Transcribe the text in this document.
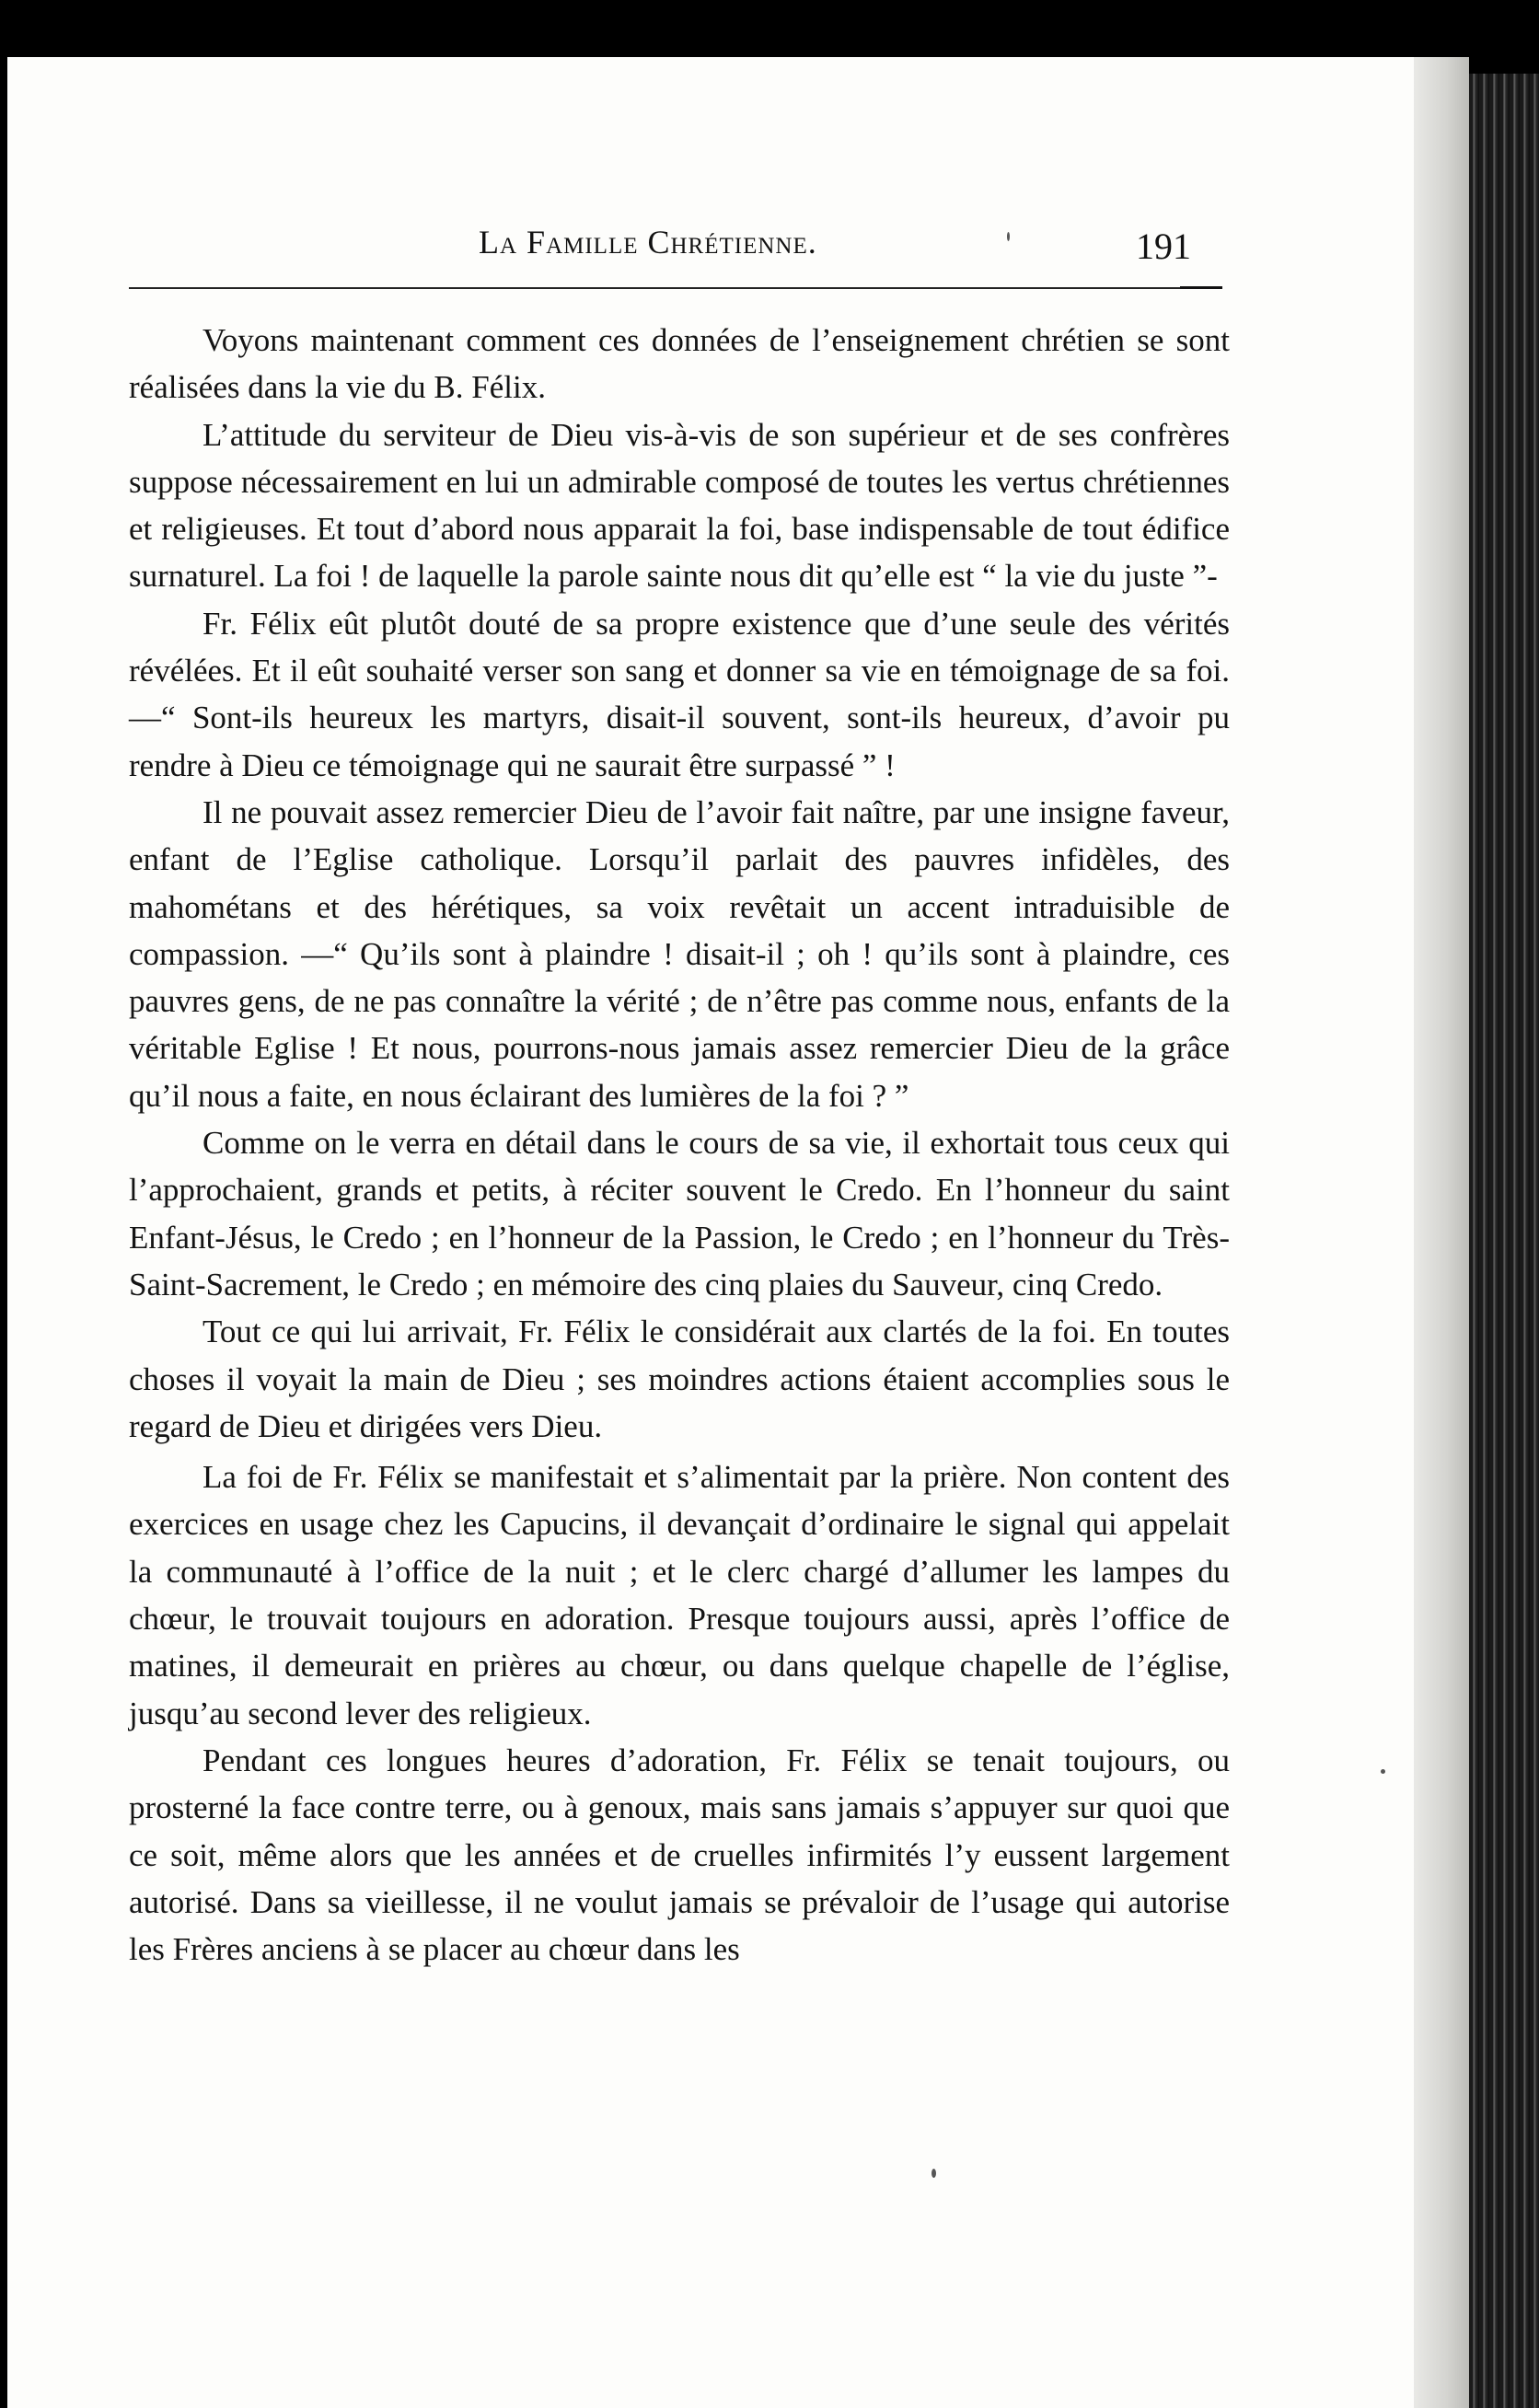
La Famille Chrétienne.	191

Voyons maintenant comment ces données de l’enseignement chrétien se sont réalisées dans la vie du B. Félix.

L’attitude du serviteur de Dieu vis-à-vis de son supérieur et de ses confrères suppose nécessairement en lui un admirable composé de toutes les vertus chrétiennes et religieuses. Et tout d’abord nous apparait la foi, base indispensable de tout édifice surnaturel. La foi ! de laquelle la parole sainte nous dit qu’elle est “ la vie du juste ”-

Fr. Félix eût plutôt douté de sa propre existence que d’une seule des vérités révélées. Et il eût souhaité verser son sang et donner sa vie en témoignage de sa foi. —“ Sont-ils heureux les martyrs, disait-il souvent, sont-ils heureux, d’avoir pu rendre à Dieu ce témoignage qui ne saurait être surpassé ” !

Il ne pouvait assez remercier Dieu de l’avoir fait naître, par une insigne faveur, enfant de l’Eglise catholique. Lorsqu’il parlait des pauvres infidèles, des mahométans et des hérétiques, sa voix revêtait un accent intraduisible de compassion. —“ Qu’ils sont à plaindre ! disait-il ; oh ! qu’ils sont à plaindre, ces pauvres gens, de ne pas connaître la vérité ; de n’être pas comme nous, enfants de la véritable Eglise ! Et nous, pourrons-nous jamais assez remercier Dieu de la grâce qu’il nous a faite, en nous éclairant des lumières de la foi ? ”

Comme on le verra en détail dans le cours de sa vie, il exhortait tous ceux qui l’approchaient, grands et petits, à réciter souvent le Credo. En l’honneur du saint Enfant-Jésus, le Credo ; en l’honneur de la Passion, le Credo ; en l’honneur du Très-Saint-Sacrement, le Credo ; en mémoire des cinq plaies du Sauveur, cinq Credo.

Tout ce qui lui arrivait, Fr. Félix le considérait aux clartés de la foi. En toutes choses il voyait la main de Dieu ; ses moindres actions étaient accomplies sous le regard de Dieu et dirigées vers Dieu.

La foi de Fr. Félix se manifestait et s’alimentait par la prière. Non content des exercices en usage chez les Capucins, il devançait d’ordinaire le signal qui appelait la communauté à l’office de la nuit ; et le clerc chargé d’allumer les lampes du chœur, le trouvait toujours en adoration. Presque toujours aussi, après l’office de matines, il demeurait en prières au chœur, ou dans quelque chapelle de l’église, jusqu’au second lever des religieux.

Pendant ces longues heures d’adoration, Fr. Félix se tenait toujours, ou prosterné la face contre terre, ou à genoux, mais sans jamais s’appuyer sur quoi que ce soit, même alors que les années et de cruelles infirmités l’y eussent largement autorisé. Dans sa vieillesse, il ne voulut jamais se prévaloir de l’usage qui autorise les Frères anciens à se placer au chœur dans les
